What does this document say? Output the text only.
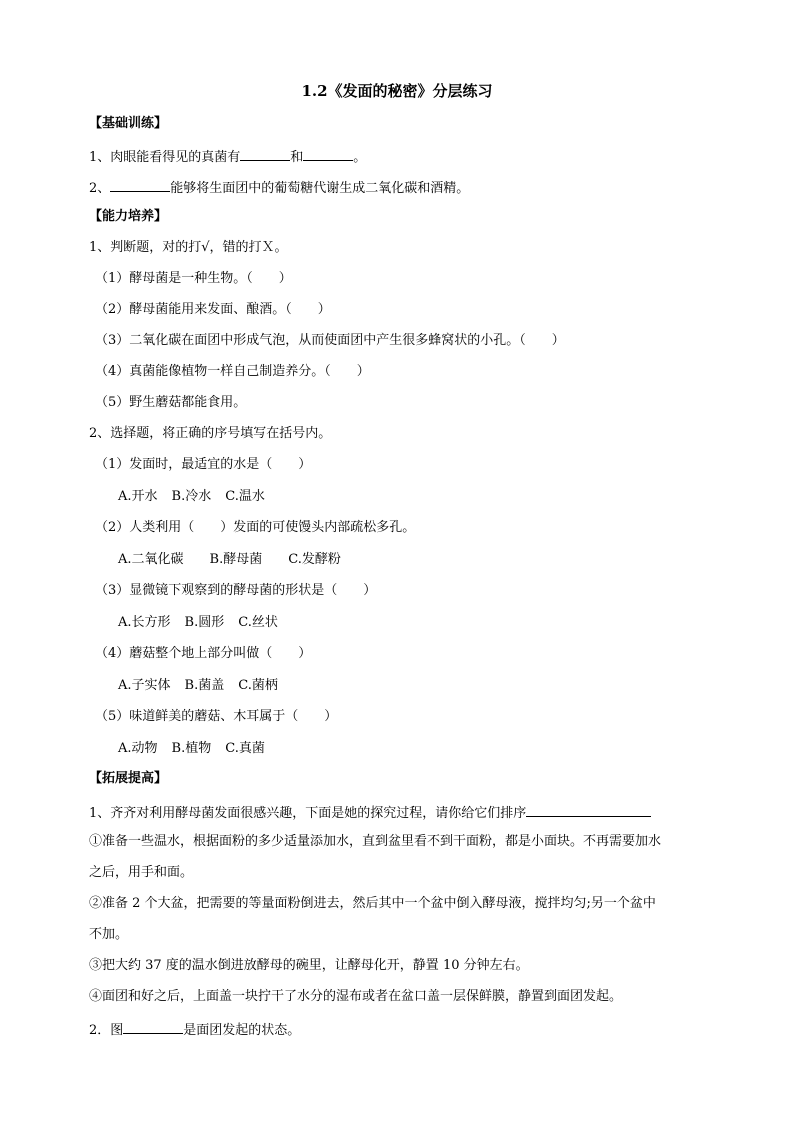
1.2《发面的秘密》分层练习
【基础训练】
1、肉眼能看得见的真菌有	和	。
2、	能够将生面团中的葡萄糖代谢生成二氧化碳和酒精。
【能力培养】
1、判断题，对的打√，错的打Ｘ。
（1）酵母菌是一种生物。（　　）
（2）酵母菌能用来发面、酿酒。（　　）
（3）二氧化碳在面团中形成气泡，从而使面团中产生很多蜂窝状的小孔。（　　）
（4）真菌能像植物一样自己制造养分。（　　）
（5）野生蘑菇都能食用。
2、选择题，将正确的序号填写在括号内。
（1）发面时，最适宜的水是（　　）
A.开水 B.冷水 C.温水
（2）人类利用（　　）发面的可使馒头内部疏松多孔。
A.二氧化碳 B.酵母菌 C.发酵粉
（3）显微镜下观察到的酵母菌的形状是（　　）
A.长方形 B.圆形 C.丝状
（4）蘑菇整个地上部分叫做（　　）
A.子实体 B.菌盖 C.菌柄
（5）味道鲜美的蘑菇、木耳属于（　　）
A.动物 B.植物 C.真菌
【拓展提高】
1、齐齐对利用酵母菌发面很感兴趣，下面是她的探究过程，请你给它们排序
①准备一些温水，根据面粉的多少适量添加水，直到盆里看不到干面粉，都是小面块。不再需要加水
之后，用手和面。
②准备 2 个大盆，把需要的等量面粉倒进去，然后其中一个盆中倒入酵母液，搅拌均匀;另一个盆中
不加。
③把大约 37 度的温水倒进放酵母的碗里，让酵母化开，静置 10 分钟左右。
④面团和好之后，上面盖一块拧干了水分的湿布或者在盆口盖一层保鲜膜，静置到面团发起。
2．图	是面团发起的状态。
